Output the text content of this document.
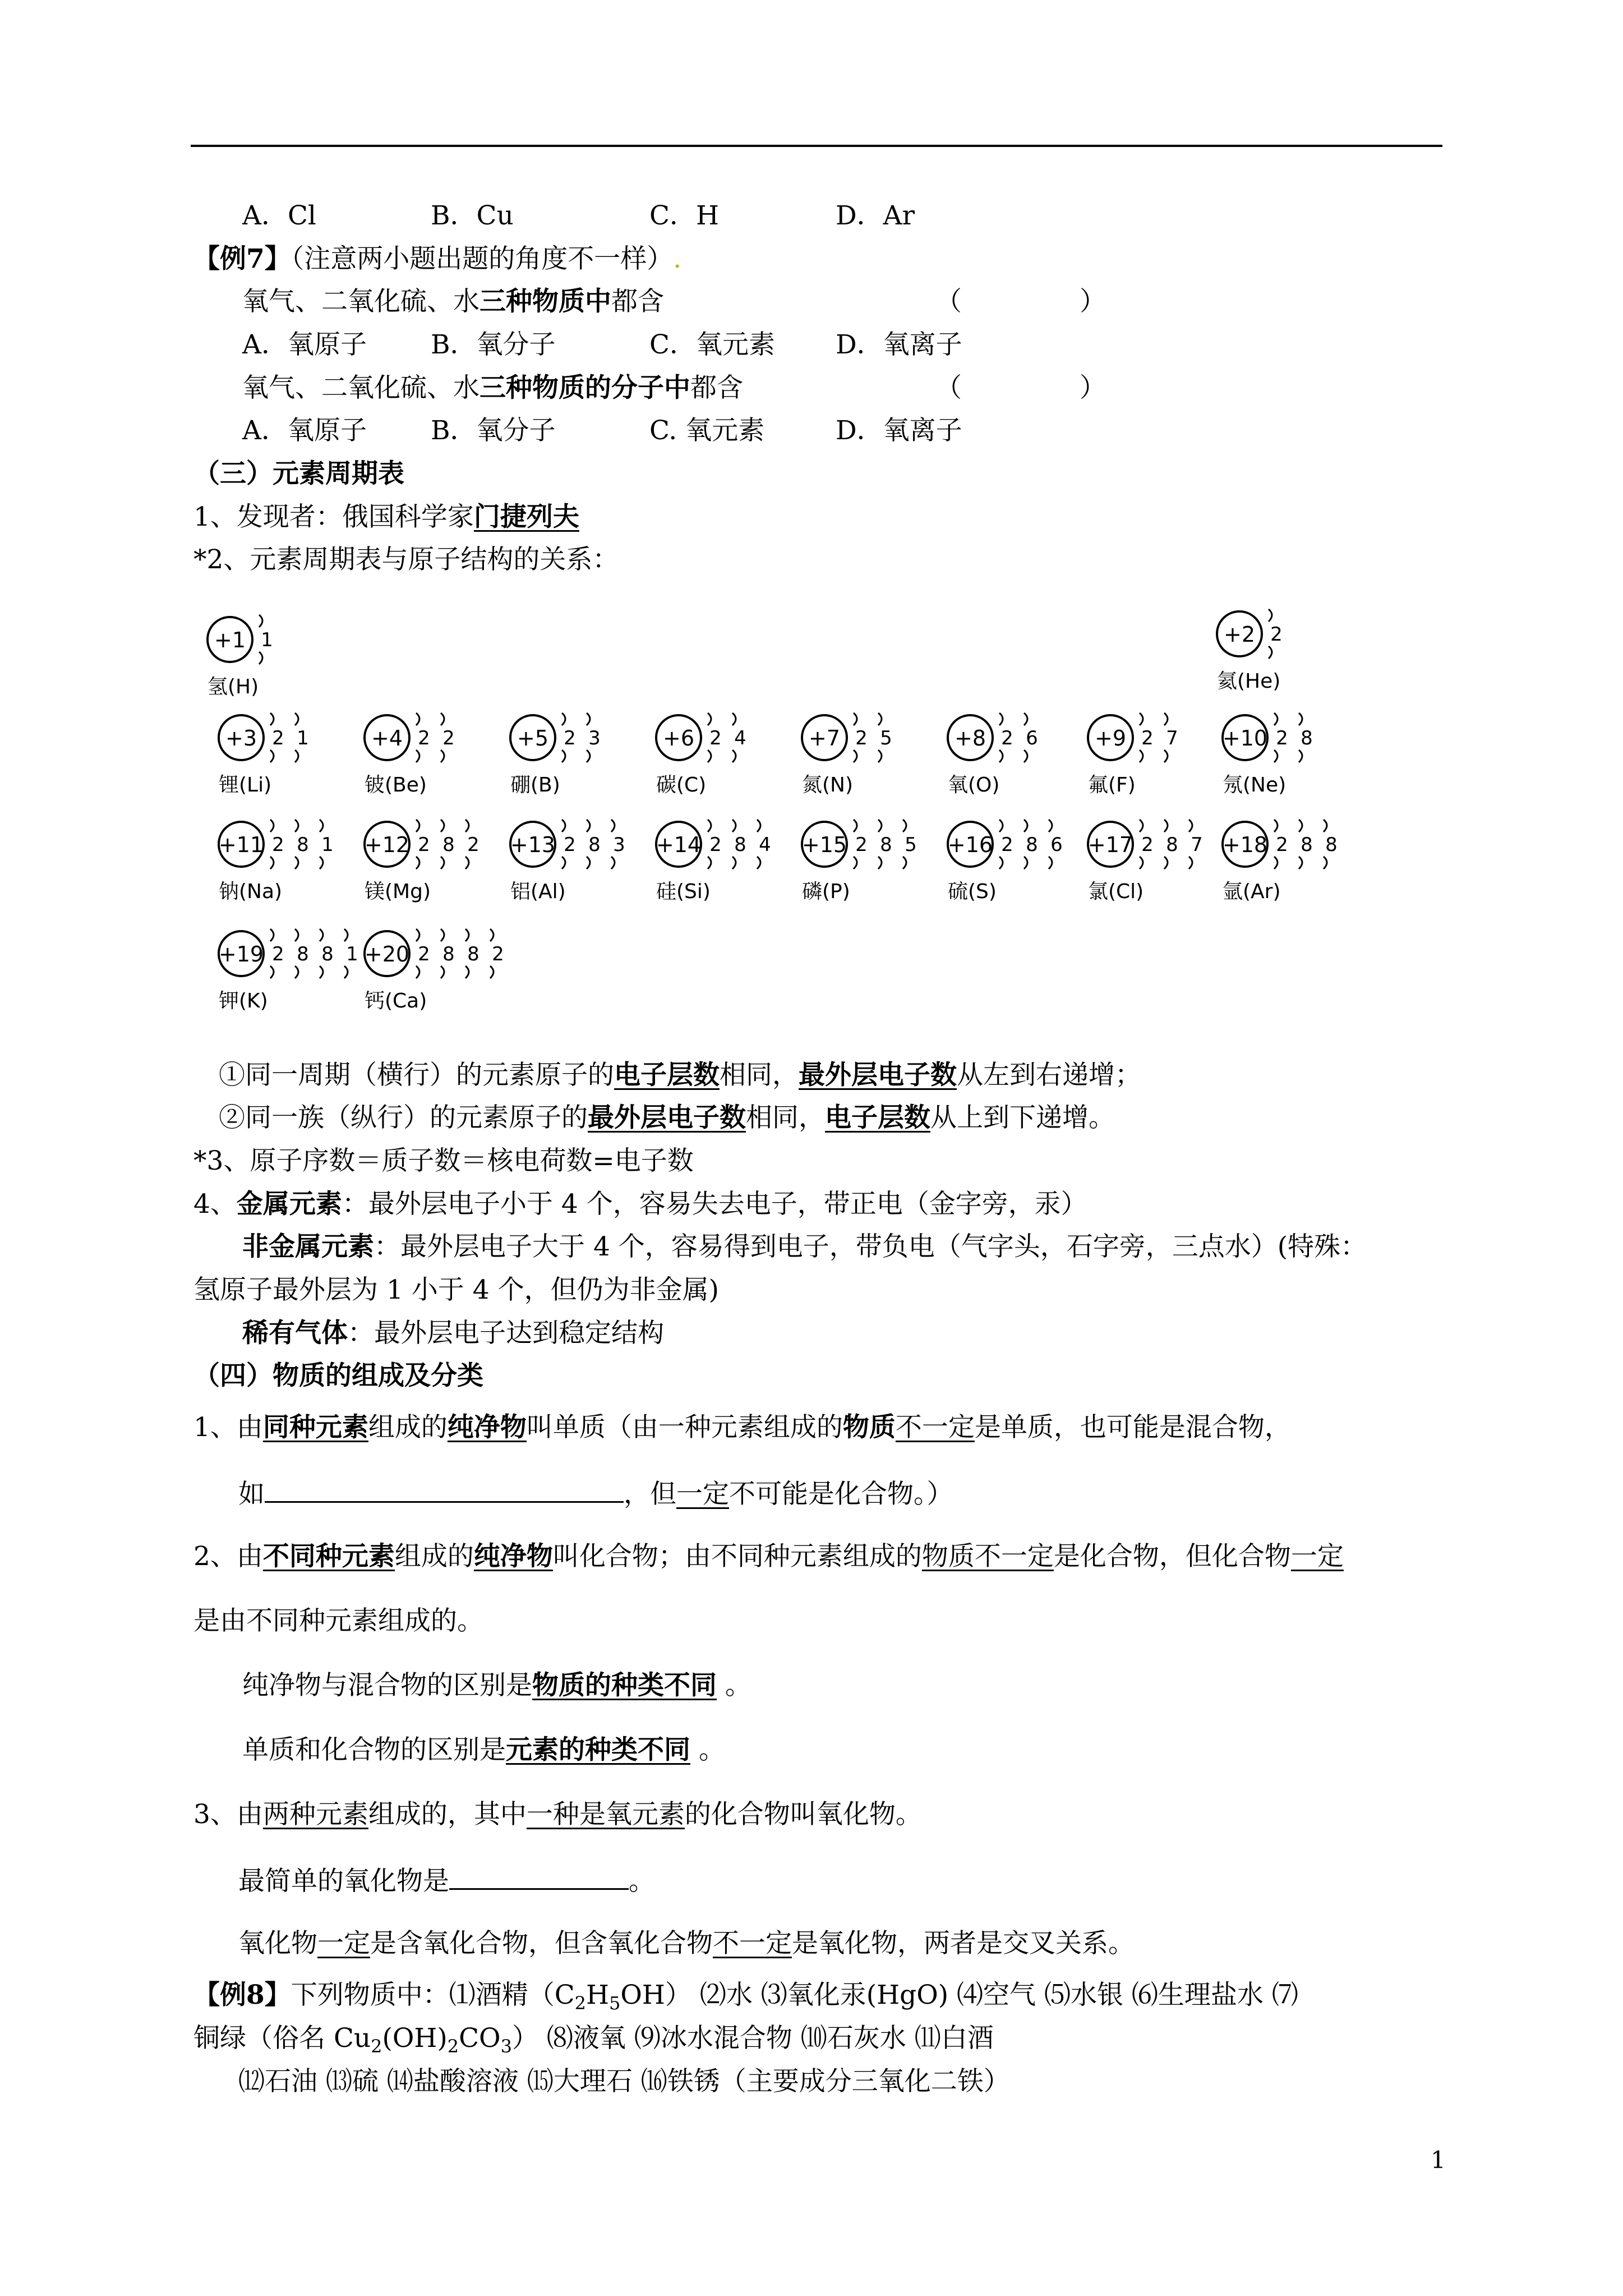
A．Cl	B．Cu	C．H	D．Ar
【例7】（注意两小题出题的角度不一样）.
氧气、二氧化硫、水三种物质中都含	（	）
A．氧原子 B．氧分子	C．氧元素 D．氧离子
氧气、二氧化硫、水三种物质的分子中都含	（	）
A．氧原子 B．氧分子	C. 氧元素	D．氧离子
（三）元素周期表
1、发现者：俄国科学家门捷列夫
*2、元素周期表与原子结构的关系：
+1 1
氢(H)
+2 2
氦(He)
+3 2 1
锂(Li)
+4 2 2
铍(Be)
+5 2 3
硼(B)
+6 2 4
碳(C)
+7 2 5
氮(N)
+8 2 6
氧(O)
+9 2 7
氟(F)
+10 2 8
氖(Ne)
+11 2 8 1
钠(Na)
+12 2 8 2
镁(Mg)
+13 2 8 3
铝(Al)
+14 2 8 4
硅(Si)
+15 2 8 5
磷(P)
+16 2 8 6
硫(S)
+17 2 8 7
氯(Cl)
+18 2 8 8
氩(Ar)
+19 2 8 8 1
钾(K)
+20 2 8 8 2
钙(Ca)
①同一周期（横行）的元素原子的电子层数相同，最外层电子数从左到右递增；
②同一族（纵行）的元素原子的最外层电子数相同，电子层数从上到下递增。
*3、原子序数＝质子数＝核电荷数=电子数
4、金属元素：最外层电子小于 4 个，容易失去电子，带正电（金字旁，汞）
非金属元素：最外层电子大于 4 个，容易得到电子，带负电（气字头，石字旁，三点水）(特殊：
氢原子最外层为 1 小于 4 个，但仍为非金属)
稀有气体：最外层电子达到稳定结构
（四）物质的组成及分类
1、由同种元素组成的纯净物叫单质（由一种元素组成的物质不一定是单质，也可能是混合物，
如	，但一定不可能是化合物。）
2、由不同种元素组成的纯净物叫化合物；由不同种元素组成的物质不一定是化合物，但化合物一定
是由不同种元素组成的。
纯净物与混合物的区别是物质的种类不同 。
单质和化合物的区别是元素的种类不同 。
3、由两种元素组成的，其中一种是氧元素的化合物叫氧化物。
最简单的氧化物是	。
氧化物一定是含氧化合物，但含氧化合物不一定是氧化物，两者是交叉关系。
【例8】下列物质中：⑴酒精$(C_2H_5OH)$ ⑵水 ⑶氧化汞(HgO) ⑷空气 ⑸水银 ⑹生理盐水 ⑺
铜绿（俗名 $Cu_2(OH)_2CO_3$） ⑻液氧 ⑼冰水混合物 ⑽石灰水 ⑾白酒
⑿石油 ⒀硫 ⒁盐酸溶液 ⒂大理石 ⒃铁锈（主要成分三氧化二铁）
1
